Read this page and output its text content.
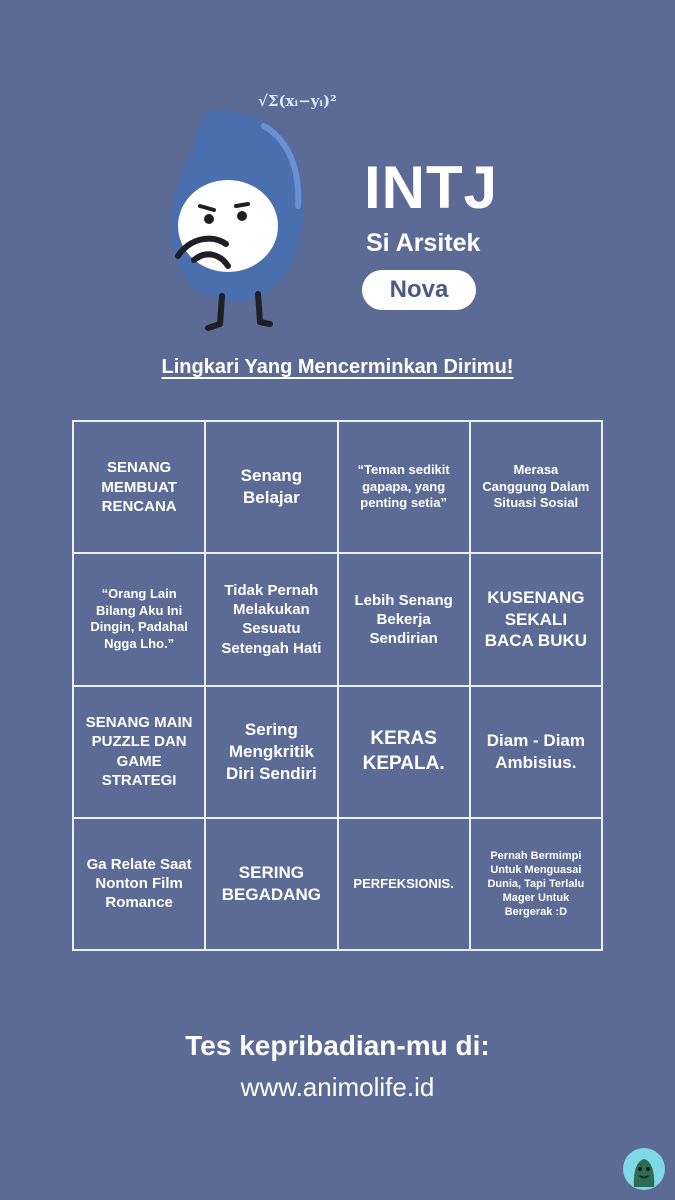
√Σ(xᵢ−yᵢ)²
INTJ
Si Arsitek
Nova
Lingkari Yang Mencerminkan Dirimu!
SENANG MEMBUAT RENCANA
Senang Belajar
“Teman sedikit gapapa, yang penting setia”
Merasa Canggung Dalam Situasi Sosial
“Orang Lain Bilang Aku Ini Dingin, Padahal Ngga Lho.”
Tidak Pernah Melakukan Sesuatu Setengah Hati
Lebih Senang Bekerja Sendirian
KUSENANG SEKALI BACA BUKU
SENANG MAIN PUZZLE DAN GAME STRATEGI
Sering Mengkritik Diri Sendiri
KERAS KEPALA.
Diam - Diam Ambisius.
Ga Relate Saat Nonton Film Romance
SERING BEGADANG
PERFEKSIONIS.
Pernah Bermimpi Untuk Menguasai Dunia, Tapi Terlalu Mager Untuk Bergerak :D
Tes kepribadian-mu di:
www.animolife.id
